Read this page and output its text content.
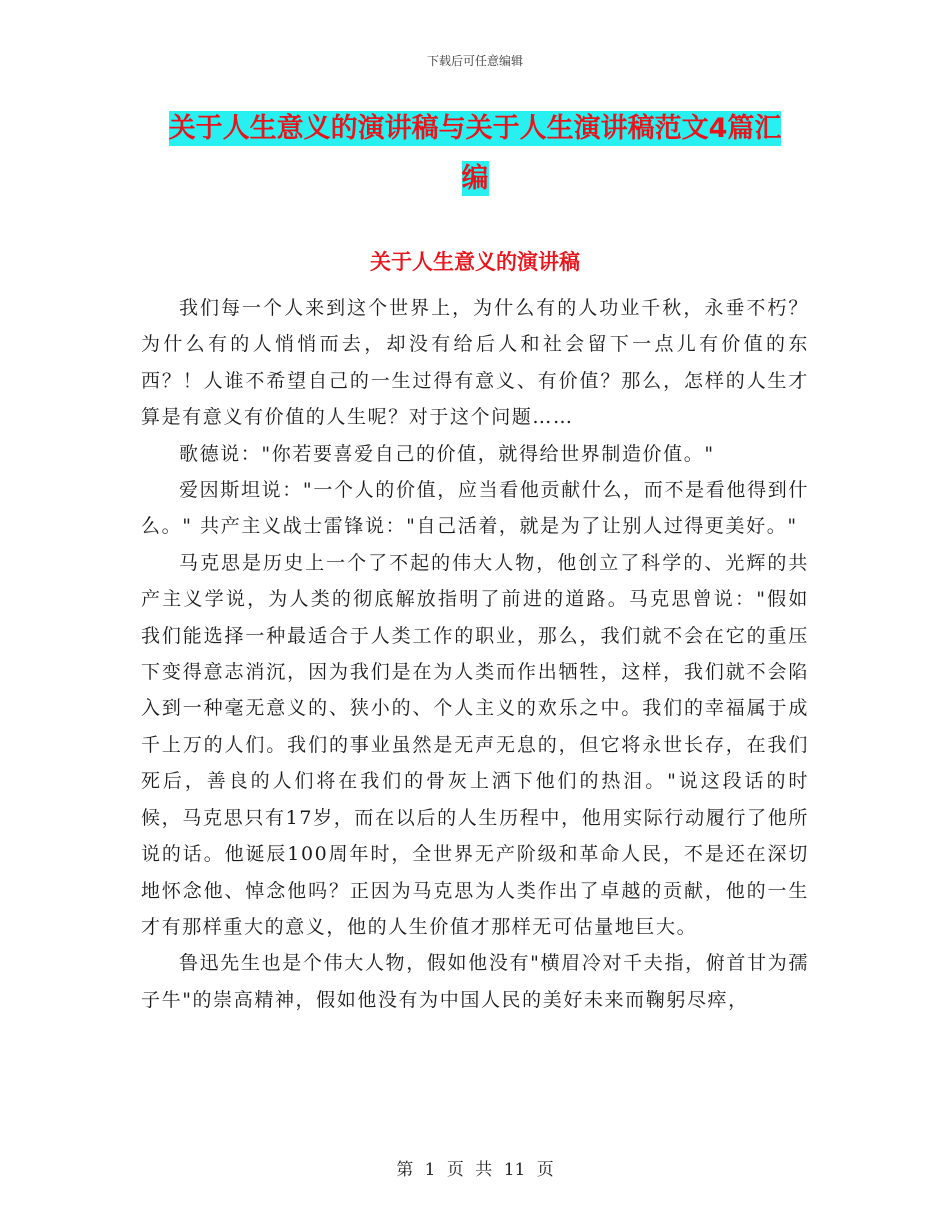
下载后可任意编辑
关于人生意义的演讲稿与关于人生演讲稿范文4篇汇
编
关于人生意义的演讲稿

我们每一个人来到这个世界上，为什么有的人功业千秋，永垂不朽？为什么有的人悄悄而去，却没有给后人和社会留下一点儿有价值的东西？！人谁不希望自己的一生过得有意义、有价值？那么，怎样的人生才算是有意义有价值的人生呢？对于这个问题……

歌德说："你若要喜爱自己的价值，就得给世界制造价值。"

爱因斯坦说："一个人的价值，应当看他贡献什么，而不是看他得到什么。" 共产主义战士雷锋说："自己活着，就是为了让别人过得更美好。"

马克思是历史上一个了不起的伟大人物，他创立了科学的、光辉的共产主义学说，为人类的彻底解放指明了前进的道路。马克思曾说："假如我们能选择一种最适合于人类工作的职业，那么，我们就不会在它的重压下变得意志消沉，因为我们是在为人类而作出牺牲，这样，我们就不会陷入到一种毫无意义的、狭小的、个人主义的欢乐之中。我们的幸福属于成千上万的人们。我们的事业虽然是无声无息的，但它将永世长存，在我们死后，善良的人们将在我们的骨灰上洒下他们的热泪。"说这段话的时候，马克思只有17岁，而在以后的人生历程中，他用实际行动履行了他所说的话。他诞辰100周年时，全世界无产阶级和革命人民，不是还在深切地怀念他、悼念他吗？正因为马克思为人类作出了卓越的贡献，他的一生才有那样重大的意义，他的人生价值才那样无可估量地巨大。

鲁迅先生也是个伟大人物，假如他没有"横眉冷对千夫指，俯首甘为孺子牛"的崇高精神，假如他没有为中国人民的美好未来而鞠躬尽瘁，

第 1 页 共 11 页
